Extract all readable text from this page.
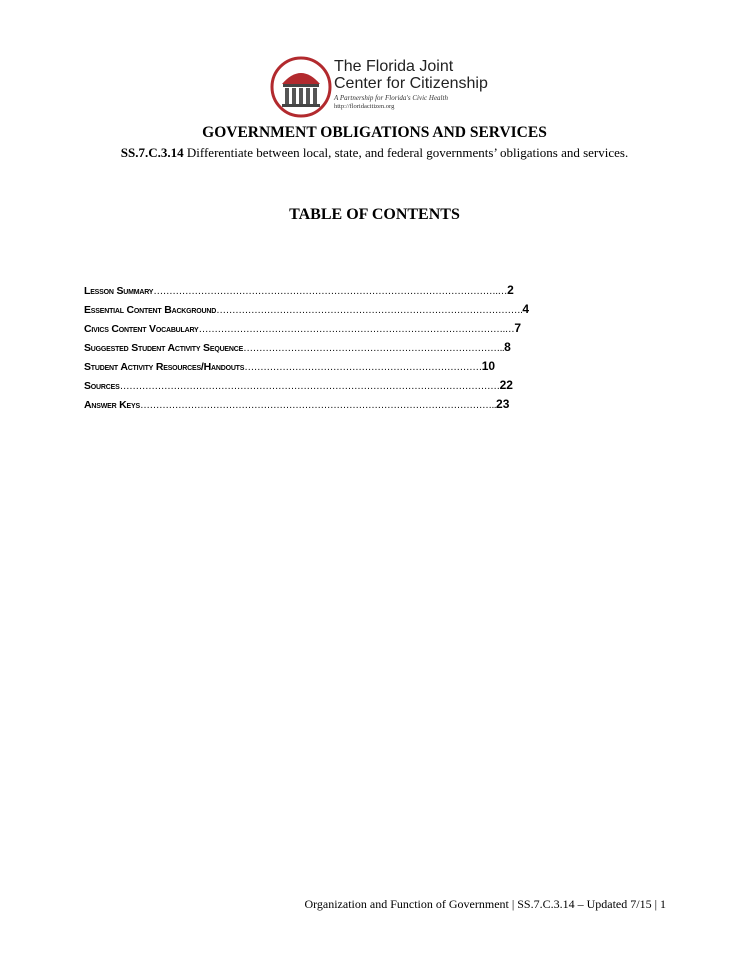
The Florida Joint
Center for Citizenship
A Partnership for Florida's Civic Health
http://floridacitizen.org
GOVERNMENT OBLIGATIONS AND SERVICES
SS.7.C.3.14 Differentiate between local, state, and federal governments’ obligations and services.
TABLE OF CONTENTS
Lesson Summary……………………………………………………………………………………………….…2
Essential Content Background…………………………………………………………………………………….4
Civics Content Vocabulary…………………………………………………………………………………….…7
Suggested Student Activity Sequence………………………………………………………………………..8
Student Activity Resources/Handouts…………………………………………………………………10
Sources…………………………………………………………………………………………………………22
Answer Keys…………………………………………………………………………………………………..23
Organization and Function of Government | SS.7.C.3.14 – Updated 7/15 | 1
